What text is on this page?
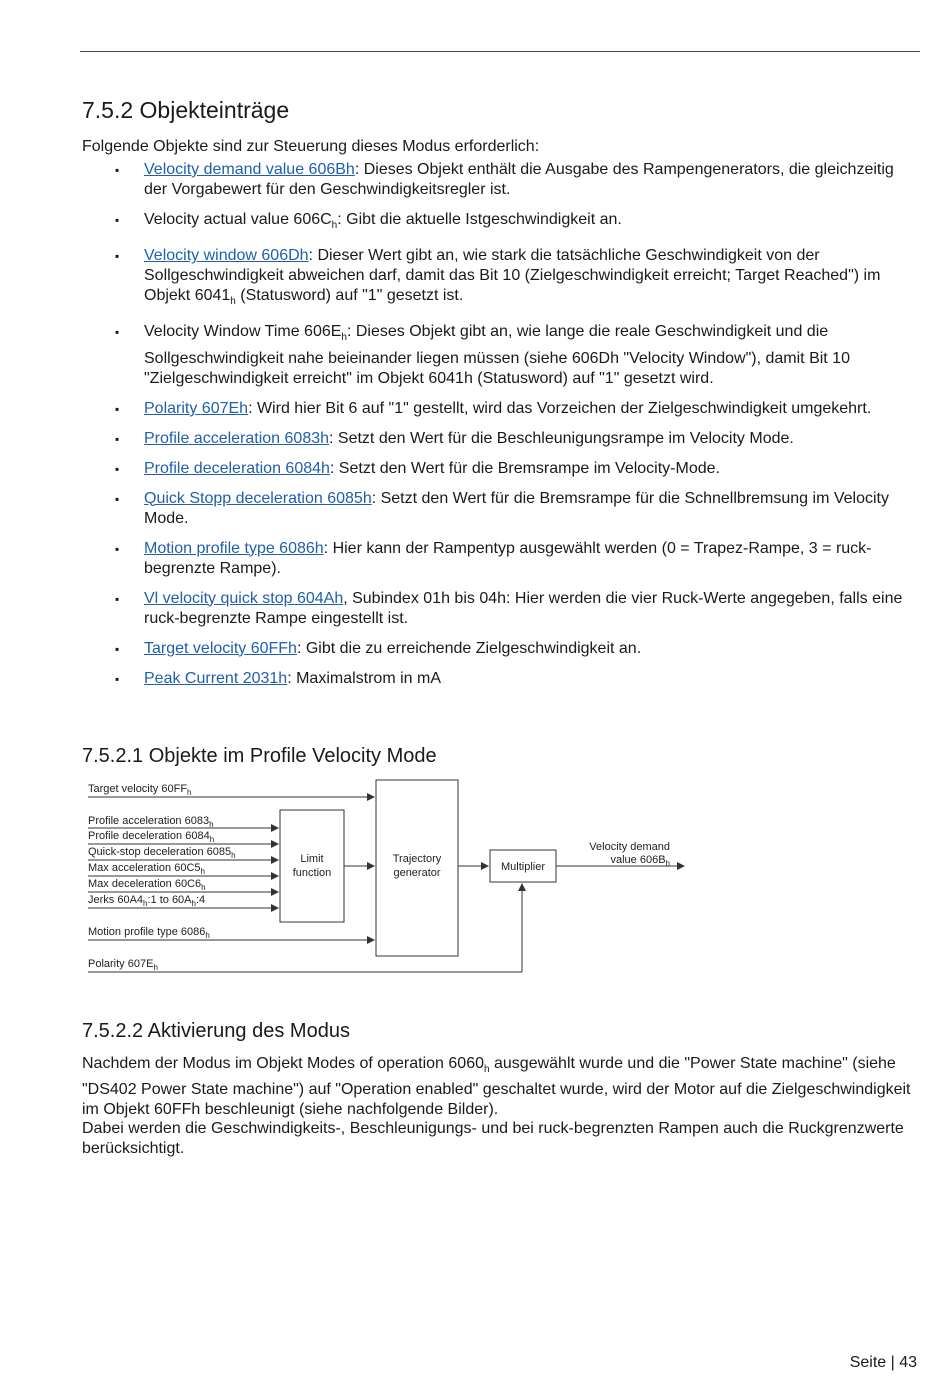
7.5.2 Objekteinträge

Folgende Objekte sind zur Steuerung dieses Modus erforderlich:

▪ Velocity demand value 606Bh: Dieses Objekt enthält die Ausgabe des Rampengenerators, die gleichzeitig der Vorgabewert für den Geschwindigkeitsregler ist.
▪ Velocity actual value $606C_h$: Gibt die aktuelle Istgeschwindigkeit an.
▪ Velocity window 606Dh: Dieser Wert gibt an, wie stark die tatsächliche Geschwindigkeit von der Sollgeschwindigkeit abweichen darf, damit das Bit 10 (Zielgeschwindigkeit erreicht; Target Reached") im Objekt $6041_h$ (Statusword) auf "1" gesetzt ist.
▪ Velocity Window Time $606E_h$: Dieses Objekt gibt an, wie lange die reale Geschwindigkeit und die Sollgeschwindigkeit nahe beieinander liegen müssen (siehe 606Dh "Velocity Window"), damit Bit 10 "Zielgeschwindigkeit erreicht" im Objekt 6041h (Statusword) auf "1" gesetzt wird.
▪ Polarity 607Eh: Wird hier Bit 6 auf "1" gestellt, wird das Vorzeichen der Zielgeschwindigkeit umgekehrt.
▪ Profile acceleration 6083h: Setzt den Wert für die Beschleunigungsrampe im Velocity Mode.
▪ Profile deceleration 6084h: Setzt den Wert für die Bremsrampe im Velocity-Mode.
▪ Quick Stopp deceleration 6085h: Setzt den Wert für die Bremsrampe für die Schnellbremsung im Velocity Mode.
▪ Motion profile type 6086h: Hier kann der Rampentyp ausgewählt werden (0 = Trapez-Rampe, 3 = ruck-begrenzte Rampe).
▪ Vl velocity quick stop 604Ah, Subindex 01h bis 04h: Hier werden die vier Ruck-Werte angegeben, falls eine ruck-begrenzte Rampe eingestellt ist.
▪ Target velocity 60FFh: Gibt die zu erreichende Zielgeschwindigkeit an.
▪ Peak Current 2031h: Maximalstrom in mA
7.5.2.1 Objekte im Profile Velocity Mode
Target velocity $60FF_h$
Profile acceleration $6083_h$
Profile deceleration $6084_h$
Quick-stop deceleration $6085_h$
Max acceleration $60C5_h$
Max deceleration $60C6_h$
Jerks $60A4_h:1$ to $60A_h:4$
Motion profile type $6086_h$
Polarity $607E_h$
Limit
function
Trajectory
generator	Multiplier
Velocity demand
value $606B_h$
7.5.2.2 Aktivierung des Modus

Nachdem der Modus im Objekt Modes of operation $6060_h$ ausgewählt wurde und die "Power State machine" (siehe "DS402 Power State machine") auf "Operation enabled" geschaltet wurde, wird der Motor auf die Zielgeschwindigkeit im Objekt 60FFh beschleunigt (siehe nachfolgende Bilder).

Dabei werden die Geschwindigkeits-, Beschleunigungs- und bei ruck-begrenzten Rampen auch die Ruckgrenzwerte berücksichtigt.

Seite | 43
